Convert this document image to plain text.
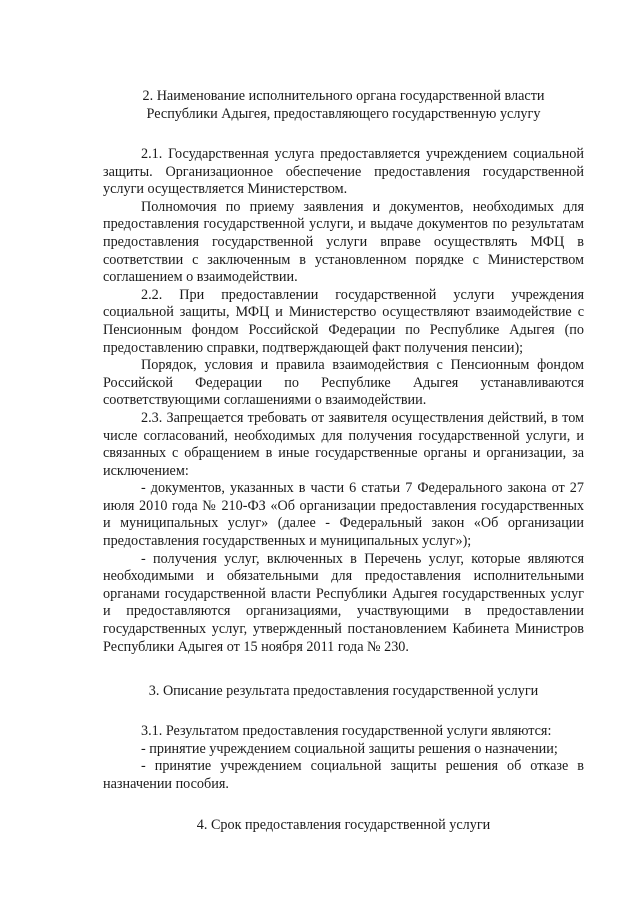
2. Наименование исполнительного органа государственной власти
Республики Адыгея, предоставляющего государственную услугу

2.1. Государственная услуга предоставляется учреждением социальной защиты. Организационное обеспечение предоставления государственной услуги осуществляется Министерством.

Полномочия по приему заявления и документов, необходимых для предоставления государственной услуги, и выдаче документов по результатам предоставления государственной услуги вправе осуществлять МФЦ в соответствии с заключенным в установленном порядке с Министерством соглашением о взаимодействии.

2.2. При предоставлении государственной услуги учреждения социальной защиты, МФЦ и Министерство осуществляют взаимодействие с Пенсионным фондом Российской Федерации по Республике Адыгея (по предоставлению справки, подтверждающей факт получения пенсии);

Порядок, условия и правила взаимодействия с Пенсионным фондом Российской Федерации по Республике Адыгея устанавливаются соответствующими соглашениями о взаимодействии.

2.3. Запрещается требовать от заявителя осуществления действий, в том числе согласований, необходимых для получения государственной услуги, и связанных с обращением в иные государственные органы и организации, за исключением:

- документов, указанных в части 6 статьи 7 Федерального закона от 27 июля 2010 года № 210-ФЗ «Об организации предоставления государственных и муниципальных услуг» (далее - Федеральный закон «Об организации предоставления государственных и муниципальных услуг»);

- получения услуг, включенных в Перечень услуг, которые являются необходимыми и обязательными для предоставления исполнительными органами государственной власти Республики Адыгея государственных услуг и предоставляются организациями, участвующими в предоставлении государственных услуг, утвержденный постановлением Кабинета Министров Республики Адыгея от 15 ноября 2011 года № 230.

3. Описание результата предоставления государственной услуги

3.1. Результатом предоставления государственной услуги являются:

- принятие учреждением социальной защиты решения о назначении;

- принятие учреждением социальной защиты решения об отказе в назначении пособия.

4. Срок предоставления государственной услуги
